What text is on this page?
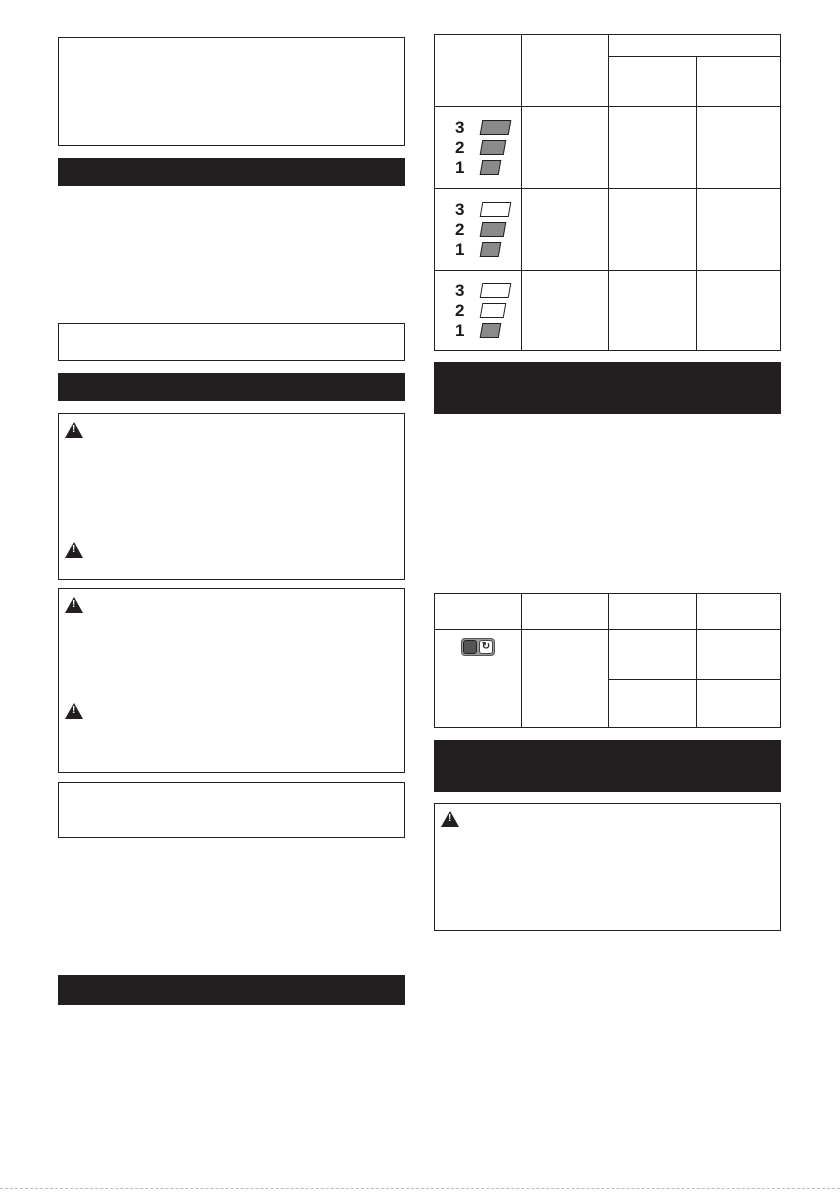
!
!
!
!

3
2
1			

3
2
1			

3
2
1			

↻			

!
